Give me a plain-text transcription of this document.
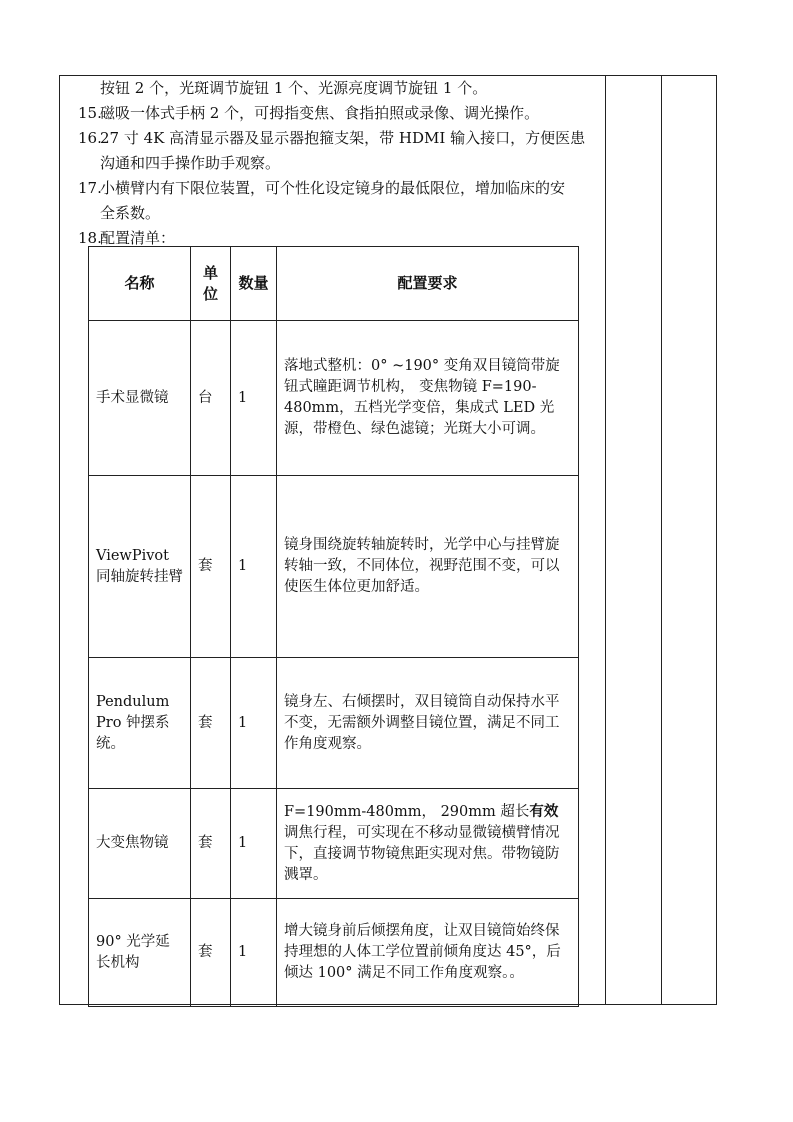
按钮 2 个，光斑调节旋钮 1 个、光源亮度调节旋钮 1 个。
15.
磁吸一体式手柄 2 个，可拇指变焦、食指拍照或录像、调光操作。
16.
27 寸 4K 高清显示器及显示器抱箍支架，带 HDMI 输入接口，方便医患
沟通和四手操作助手观察。
17.
小横臂内有下限位装置，可个性化设定镜身的最低限位，增加临床的安
全系数。
18.
配置清单：
名称	单位	数量	配置要求
手术显微镜	台	1	落地式整机：0° ~190° 变角双目镜筒带旋钮式瞳距调节机构， 变焦物镜 F=190-480mm，五档光学变倍，集成式 LED 光源，带橙色、绿色滤镜；光斑大小可调。
ViewPivot 同轴旋转挂臂	套	1	镜身围绕旋转轴旋转时，光学中心与挂臂旋转轴一致，不同体位，视野范围不变，可以使医生体位更加舒适。
Pendulum Pro 钟摆系统。	套	1	镜身左、右倾摆时，双目镜筒自动保持水平不变，无需额外调整目镜位置，满足不同工作角度观察。
大变焦物镜	套	1	F=190mm-480mm， 290mm 超长有效调焦行程，可实现在不移动显微镜横臂情况下，直接调节物镜焦距实现对焦。带物镜防溅罩。
90° 光学延长机构	套	1	增大镜身前后倾摆角度，让双目镜筒始终保持理想的人体工学位置前倾角度达 45°，后倾达 100° 满足不同工作角度观察。。
